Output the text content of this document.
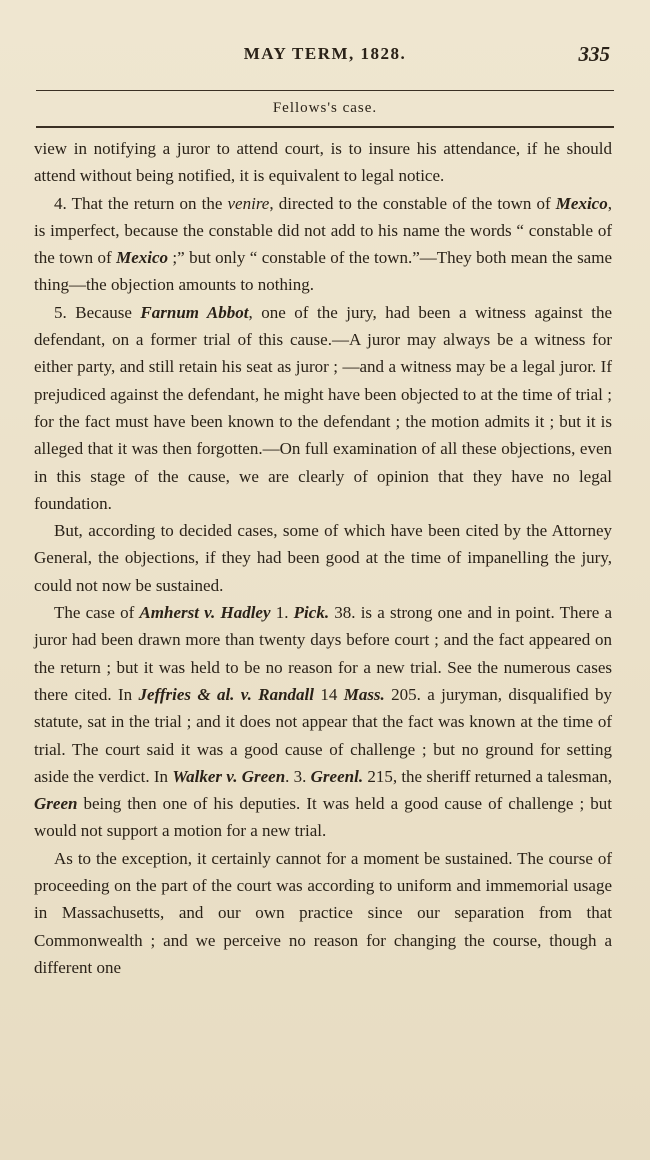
MAY TERM, 1828.	335
Fellows's case.

view in notifying a juror to attend court, is to insure his attendance, if he should attend without being notified, it is equivalent to legal notice.

4. That the return on the venire, directed to the constable of the town of Mexico, is imperfect, because the constable did not add to his name the words “ constable of the town of Mexico ;” but only “ constable of the town.”—They both mean the same thing—the objection amounts to nothing.

5. Because Farnum Abbot, one of the jury, had been a witness against the defendant, on a former trial of this cause.—A juror may always be a witness for either party, and still retain his seat as juror ; —and a witness may be a legal juror. If prejudiced against the defendant, he might have been objected to at the time of trial ; for the fact must have been known to the defendant ; the motion admits it ; but it is alleged that it was then forgotten.—On full examination of all these objections, even in this stage of the cause, we are clearly of opinion that they have no legal foundation.

But, according to decided cases, some of which have been cited by the Attorney General, the objections, if they had been good at the time of impanelling the jury, could not now be sustained.

The case of Amherst v. Hadley 1. Pick. 38. is a strong one and in point. There a juror had been drawn more than twenty days before court ; and the fact appeared on the return ; but it was held to be no reason for a new trial. See the numerous cases there cited. In Jeffries & al. v. Randall 14 Mass. 205. a juryman, disqualified by statute, sat in the trial ; and it does not appear that the fact was known at the time of trial. The court said it was a good cause of challenge ; but no ground for setting aside the verdict. In Walker v. Green. 3. Greenl. 215, the sheriff returned a talesman, Green being then one of his deputies. It was held a good cause of challenge ; but would not support a motion for a new trial.

As to the exception, it certainly cannot for a moment be sustained. The course of proceeding on the part of the court was according to uniform and immemorial usage in Massachusetts, and our own practice since our separation from that Commonwealth ; and we perceive no reason for changing the course, though a different one
